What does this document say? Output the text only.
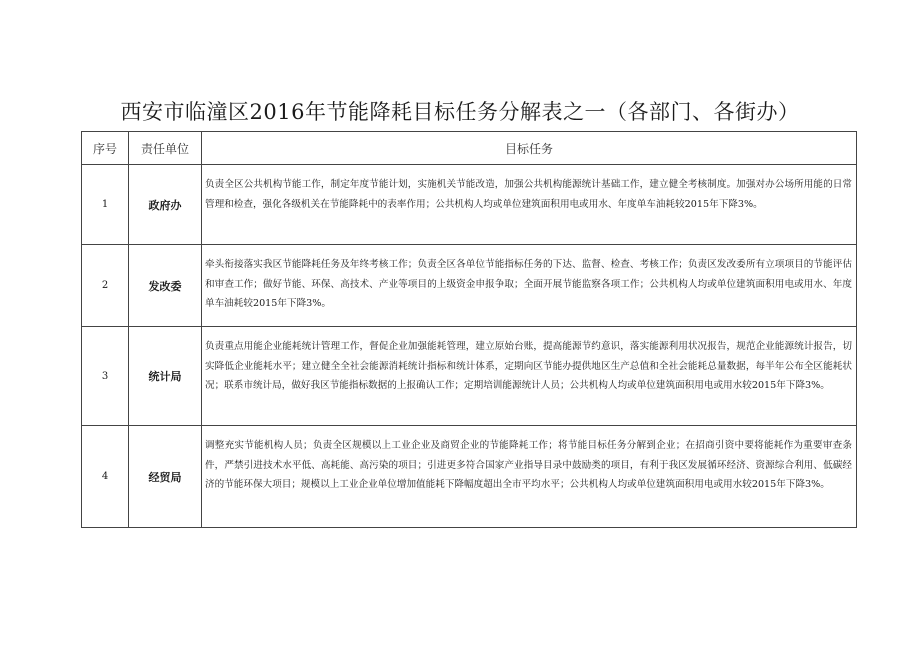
西安市临潼区2016年节能降耗目标任务分解表之一（各部门、各街办）
序号	责任单位	目标任务
1	政府办	负责全区公共机构节能工作，制定年度节能计划，实施机关节能改造，加强公共机构能源统计基础工作，建立健全考核制度。加强对办公场所用能的日常管理和检查，强化各级机关在节能降耗中的表率作用；公共机构人均或单位建筑面积用电或用水、年度单车油耗较2015年下降3%。
2	发改委	牵头衔接落实我区节能降耗任务及年终考核工作；负责全区各单位节能指标任务的下达、监督、检查、考核工作；负责区发改委所有立项项目的节能评估和审查工作；做好节能、环保、高技术、产业等项目的上级资金申报争取；全面开展节能监察各项工作；公共机构人均或单位建筑面积用电或用水、年度单车油耗较2015年下降3%。
3	统计局	负责重点用能企业能耗统计管理工作，督促企业加强能耗管理，建立原始台账，提高能源节约意识，落实能源利用状况报告，规范企业能源统计报告，切实降低企业能耗水平；建立健全全社会能源消耗统计指标和统计体系，定期向区节能办提供地区生产总值和全社会能耗总量数据，每半年公布全区能耗状况；联系市统计局，做好我区节能指标数据的上报确认工作；定期培训能源统计人员；公共机构人均或单位建筑面积用电或用水较2015年下降3%。
4	经贸局	调整充实节能机构人员；负责全区规模以上工业企业及商贸企业的节能降耗工作；将节能目标任务分解到企业；在招商引资中要将能耗作为重要审查条件，严禁引进技术水平低、高耗能、高污染的项目；引进更多符合国家产业指导目录中鼓励类的项目，有利于我区发展循环经济、资源综合利用、低碳经济的节能环保大项目；规模以上工业企业单位增加值能耗下降幅度超出全市平均水平；公共机构人均或单位建筑面积用电或用水较2015年下降3%。
